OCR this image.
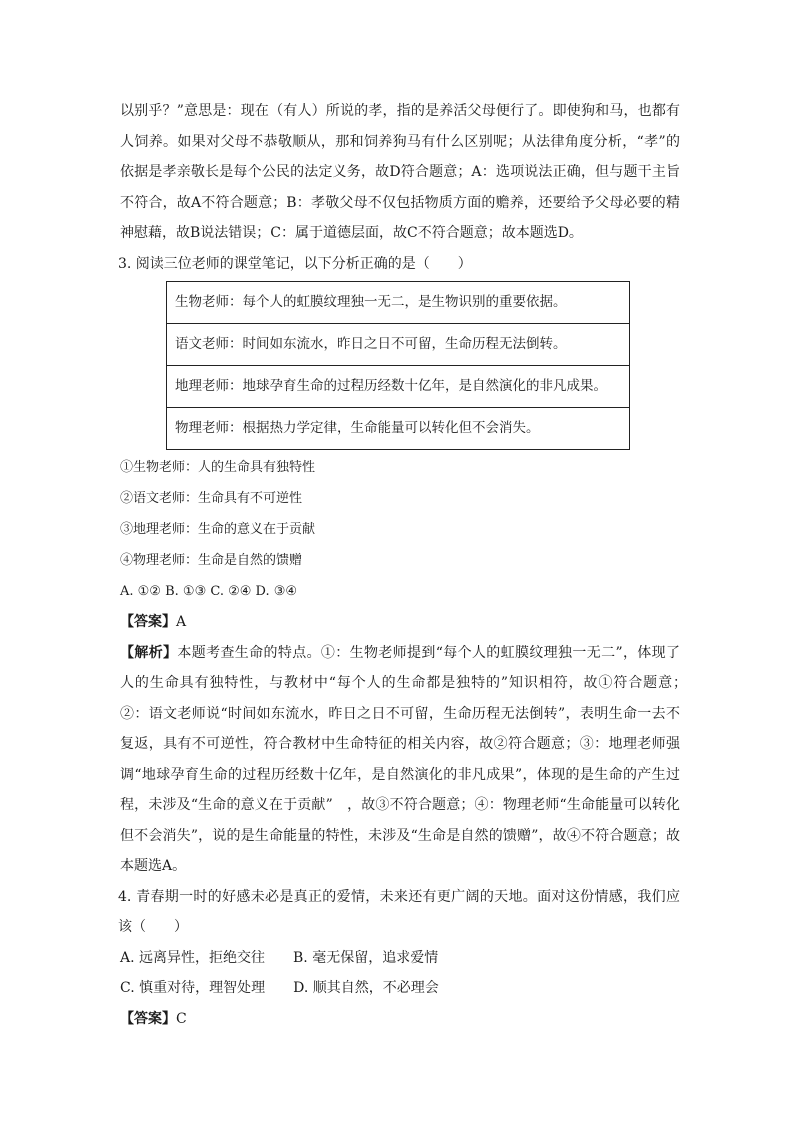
以别乎？”意思是：现在（有人）所说的孝，指的是养活父母便行了。即使狗和马，也都有人饲养。如果对父母不恭敬顺从，那和饲养狗马有什么区别呢；从法律角度分析，“孝”的依据是孝亲敬长是每个公民的法定义务，故D符合题意；A：选项说法正确，但与题干主旨不符合，故A不符合题意；B：孝敬父母不仅包括物质方面的赡养，还要给予父母必要的精神慰藉，故B说法错误；C：属于道德层面，故C不符合题意；故本题选D。

3. 阅读三位老师的课堂笔记，以下分析正确的是（　　）

生物老师：每个人的虹膜纹理独一无二，是生物识别的重要依据。
语文老师：时间如东流水，昨日之日不可留，生命历程无法倒转。
地理老师：地球孕育生命的过程历经数十亿年，是自然演化的非凡成果。
物理老师：根据热力学定律，生命能量可以转化但不会消失。

①生物老师：人的生命具有独特性

②语文老师：生命具有不可逆性

③地理老师：生命的意义在于贡献

④物理老师：生命是自然的馈赠

A. ①② B. ①③ C. ②④ D. ③④

【答案】A

【解析】本题考查生命的特点。①：生物老师提到“每个人的虹膜纹理独一无二”，体现了人的生命具有独特性，与教材中“每个人的生命都是独特的”知识相符，故①符合题意；　②：语文老师说“时间如东流水，昨日之日不可留，生命历程无法倒转”，表明生命一去不复返，具有不可逆性，符合教材中生命特征的相关内容，故②符合题意；③：地理老师强调“地球孕育生命的过程历经数十亿年，是自然演化的非凡成果”，体现的是生命的产生过程，未涉及“生命的意义在于贡献”　，故③不符合题意；④：物理老师“生命能量可以转化但不会消失”，说的是生命能量的特性，未涉及“生命是自然的馈赠”，故④不符合题意；故本题选A。

4. 青春期一时的好感未必是真正的爱情，未来还有更广阔的天地。面对这份情感，我们应该（　　）

A. 远离异性，拒绝交往　　B. 毫无保留，追求爱情

C. 慎重对待，理智处理　　D. 顺其自然，不必理会

【答案】C
